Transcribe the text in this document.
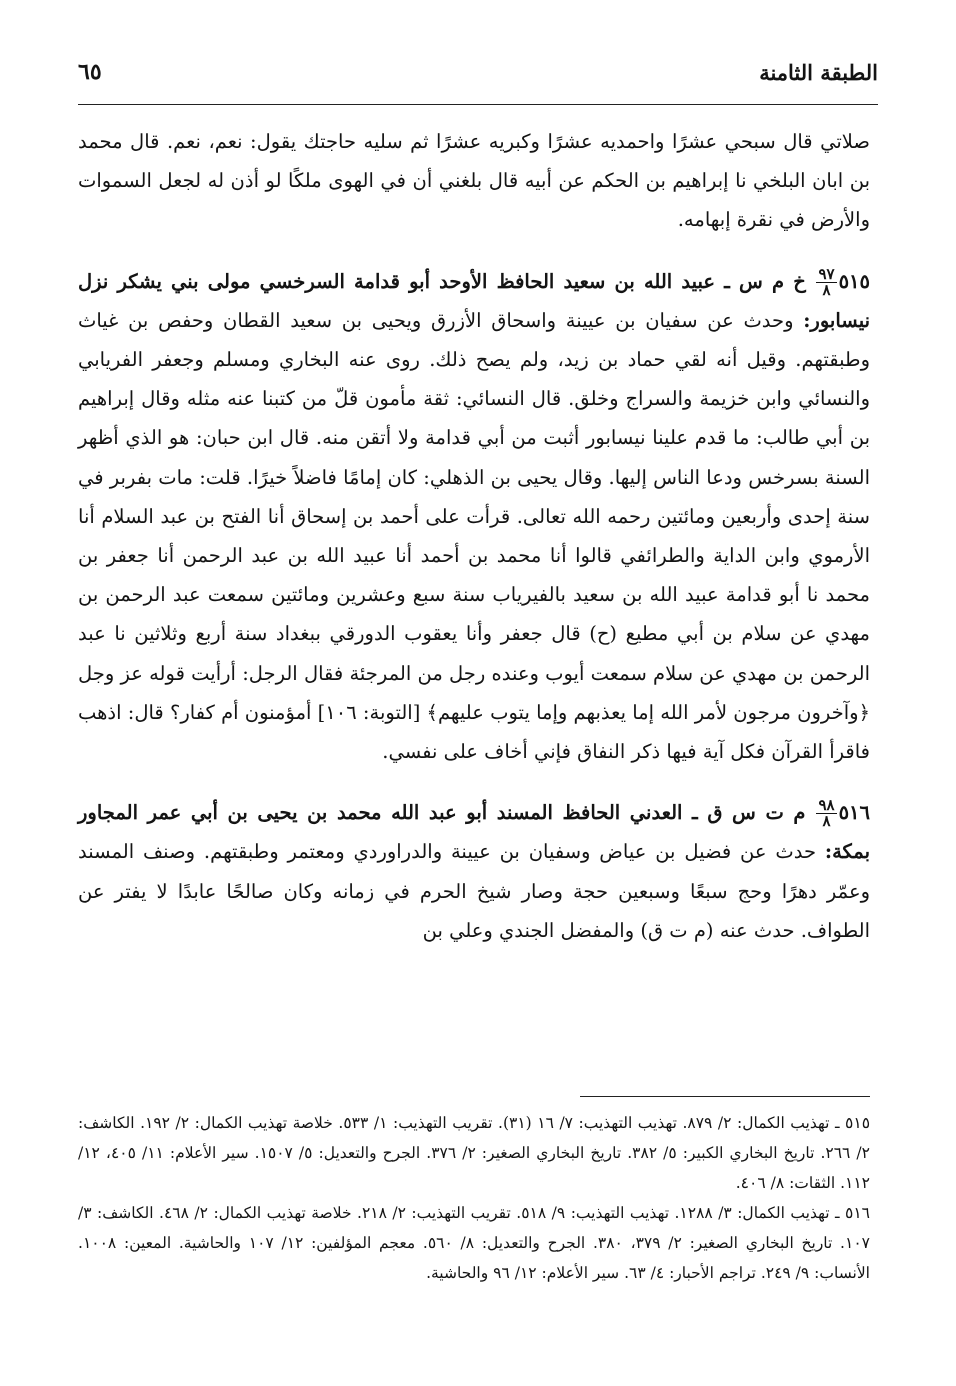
الطبقة الثامنة
٦٥

صلاتي قال سبحي عشرًا واحمديه عشرًا وكبريه عشرًا ثم سليه حاجتك يقول: نعم، نعم. قال محمد بن ابان البلخي نا إبراهيم بن الحكم عن أبيه قال بلغني أن في الهوى ملكًا لو أذن له لجعل السموات والأرض في نقرة إبهامه.

٥١٥
$\frac{٩٧}{٨}$
خ م س ـ عبيد الله بن سعيد الحافظ الأوحد أبو قدامة السرخسي مولى بني يشكر نزل نيسابور: وحدث عن سفيان بن عيينة واسحاق الأزرق ويحيى بن سعيد القطان وحفص بن غياث وطبقتهم. وقيل أنه لقي حماد بن زيد، ولم يصح ذلك. روى عنه البخاري ومسلم وجعفر الفريابي والنسائي وابن خزيمة والسراج وخلق. قال النسائي: ثقة مأمون قلّ من كتبنا عنه مثله وقال إبراهيم بن أبي طالب: ما قدم علينا نيسابور أثبت من أبي قدامة ولا أتقن منه. قال ابن حبان: هو الذي أظهر السنة بسرخس ودعا الناس إليها. وقال يحيى بن الذهلي: كان إمامًا فاضلاً خيرًا. قلت: مات بفربر في سنة إحدى وأربعين ومائتين رحمه الله تعالى. قرأت على أحمد بن إسحاق أنا الفتح بن عبد السلام أنا الأرموي وابن الداية والطرائفي قالوا أنا محمد بن أحمد أنا عبيد الله بن عبد الرحمن أنا جعفر بن محمد نا أبو قدامة عبيد الله بن سعيد بالفيرياب سنة سبع وعشرين ومائتين سمعت عبد الرحمن بن مهدي عن سلام بن أبي مطيع (ح) قال جعفر وأنا يعقوب الدورقي ببغداد سنة أربع وثلاثين نا عبد الرحمن بن مهدي عن سلام سمعت أيوب وعنده رجل من المرجئة فقال الرجل: أرأيت قوله عز وجل ﴿وآخرون مرجون لأمر الله إما يعذبهم وإما يتوب عليهم﴾ [التوبة: ١٠٦] أمؤمنون أم كفار؟ قال: اذهب فاقرأ القرآن فكل آية فيها ذكر النفاق فإني أخاف على نفسي.

٥١٦
$\frac{٩٨}{٨}$
م ت س ق ـ العدني الحافظ المسند أبو عبد الله محمد بن يحيى بن أبي عمر المجاور بمكة: حدث عن فضيل بن عياض وسفيان بن عيينة والدراوردي ومعتمر وطبقتهم. وصنف المسند وعمّر دهرًا وحج سبعًا وسبعين حجة وصار شيخ الحرم في زمانه وكان صالحًا عابدًا لا يفتر عن الطواف. حدث عنه (م ت ق) والمفضل الجندي وعلي بن

٥١٥ ـ تهذيب الكمال: ٢/ ٨٧٩. تهذيب التهذيب: ٧/ ١٦ (٣١). تقريب التهذيب: ١/ ٥٣٣. خلاصة تهذيب الكمال: ٢/ ١٩٢. الكاشف: ٢/ ٢٦٦. تاريخ البخاري الكبير: ٥/ ٣٨٢. تاريخ البخاري الصغير: ٢/ ٣٧٦. الجرح والتعديل: ٥/ ١٥٠٧. سير الأعلام: ١١/ ٤٠٥، ١٢/ ١١٢. الثقات: ٨/ ٤٠٦.

٥١٦ ـ تهذيب الكمال: ٣/ ١٢٨٨. تهذيب التهذيب: ٩/ ٥١٨. تقريب التهذيب: ٢/ ٢١٨. خلاصة تهذيب الكمال: ٢/ ٤٦٨. الكاشف: ٣/ ١٠٧. تاريخ البخاري الصغير: ٢/ ٣٧٩، ٣٨٠. الجرح والتعديل: ٨/ ٥٦٠. معجم المؤلفين: ١٢/ ١٠٧ والحاشية. المعين: ١٠٠٨. الأنساب: ٩/ ٢٤٩. تراجم الأحبار: ٤/ ٦٣. سير الأعلام: ١٢/ ٩٦ والحاشية.
